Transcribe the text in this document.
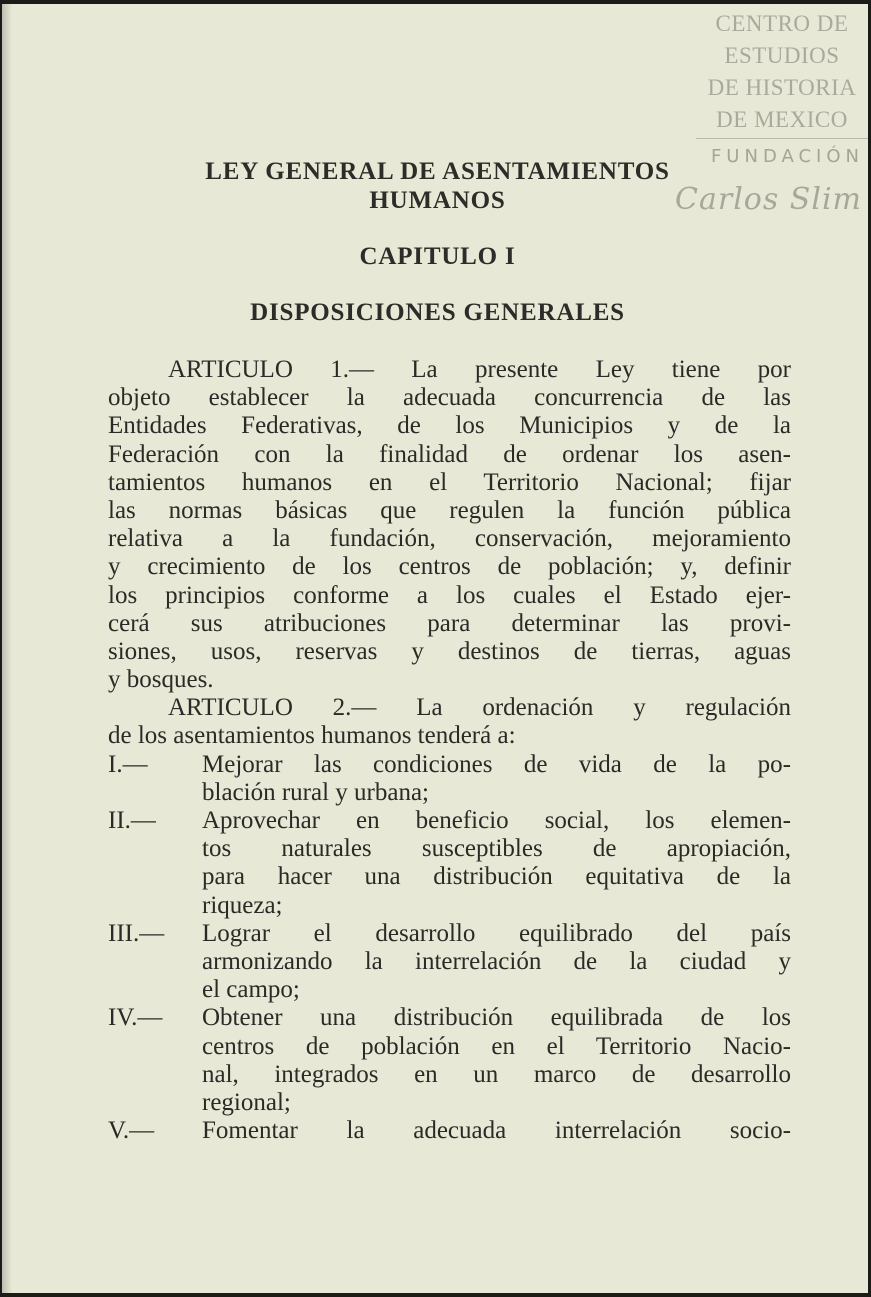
CENTRO DE
ESTUDIOS
DE HISTORIA
DE MEXICO
FUNDACIÓN
Carlos Slim
LEY GENERAL DE ASENTAMIENTOS
HUMANOS
CAPITULO I
DISPOSICIONES GENERALES
ARTICULO 1.— La presente Ley tiene por
objeto establecer la adecuada concurrencia de las
Entidades Federativas, de los Municipios y de la
Federación con la finalidad de ordenar los asen-
tamientos humanos en el Territorio Nacional; fijar
las normas básicas que regulen la función pública
relativa a la fundación, conservación, mejoramiento
y crecimiento de los centros de población; y, definir
los principios conforme a los cuales el Estado ejer-
cerá sus atribuciones para determinar las provi-
siones, usos, reservas y destinos de tierras, aguas
y bosques.
ARTICULO 2.— La ordenación y regulación
de los asentamientos humanos tenderá a:
I.—	Mejorar las condiciones de vida de la po-
blación rural y urbana;
II.—	Aprovechar en beneficio social, los elemen-
tos naturales susceptibles de apropiación,
para hacer una distribución equitativa de la
riqueza;
III.—	Lograr el desarrollo equilibrado del país
armonizando la interrelación de la ciudad y
el campo;
IV.—	Obtener una distribución equilibrada de los
centros de población en el Territorio Nacio-
nal, integrados en un marco de desarrollo
regional;
V.—	Fomentar la adecuada interrelación socio-
